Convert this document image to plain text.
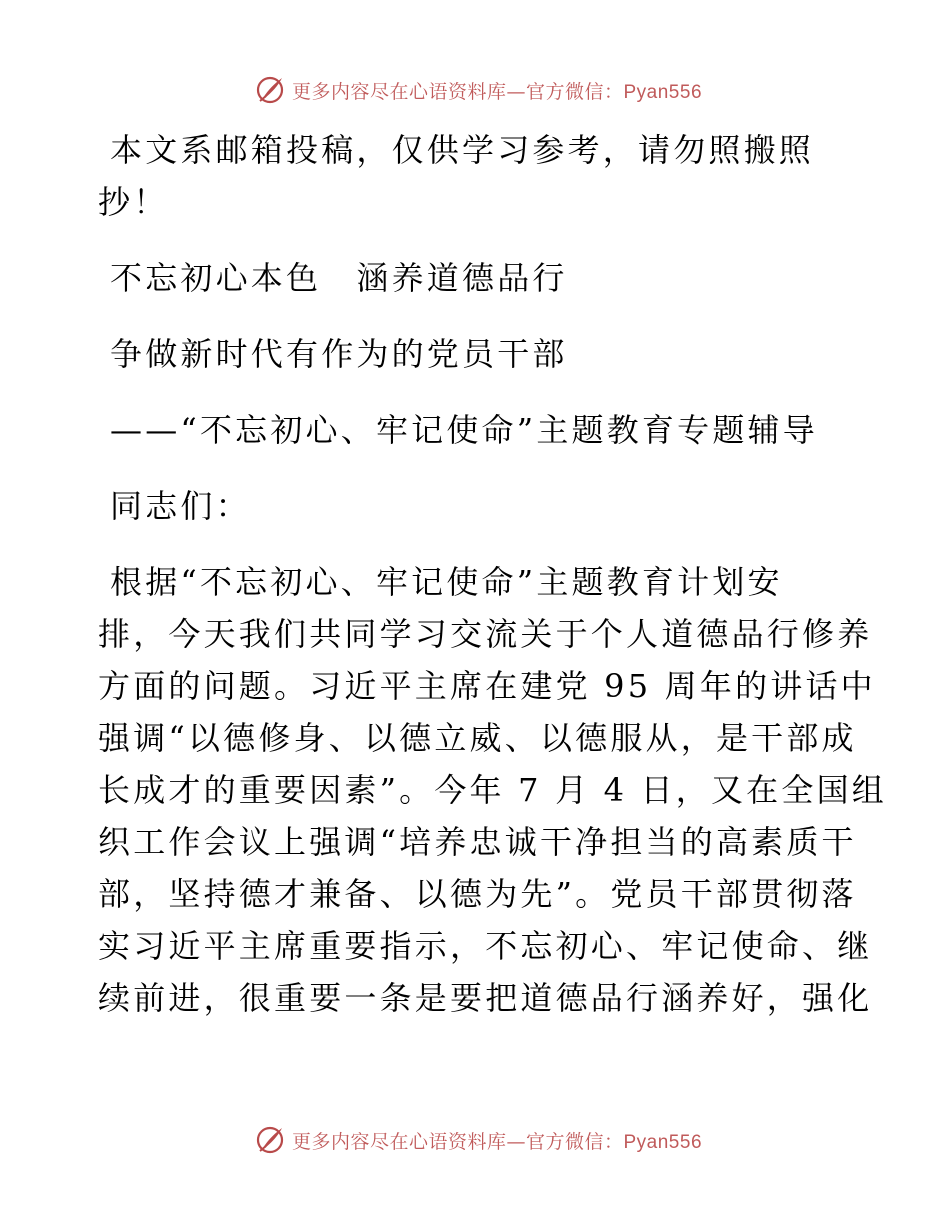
更多内容尽在心语资料库—官方微信：Pyan556
本文系邮箱投稿，仅供学习参考，请勿照搬照
抄！
不忘初心本色　涵养道德品行
争做新时代有作为的党员干部
——“不忘初心、牢记使命”主题教育专题辅导
同志们：
根据“不忘初心、牢记使命”主题教育计划安
排，今天我们共同学习交流关于个人道德品行修养
方面的问题。习近平主席在建党 95 周年的讲话中
强调“以德修身、以德立威、以德服从，是干部成
长成才的重要因素”。今年 7 月 4 日，又在全国组
织工作会议上强调“培养忠诚干净担当的高素质干
部，坚持德才兼备、以德为先”。党员干部贯彻落
实习近平主席重要指示，不忘初心、牢记使命、继
续前进，很重要一条是要把道德品行涵养好，强化
更多内容尽在心语资料库—官方微信：Pyan556
